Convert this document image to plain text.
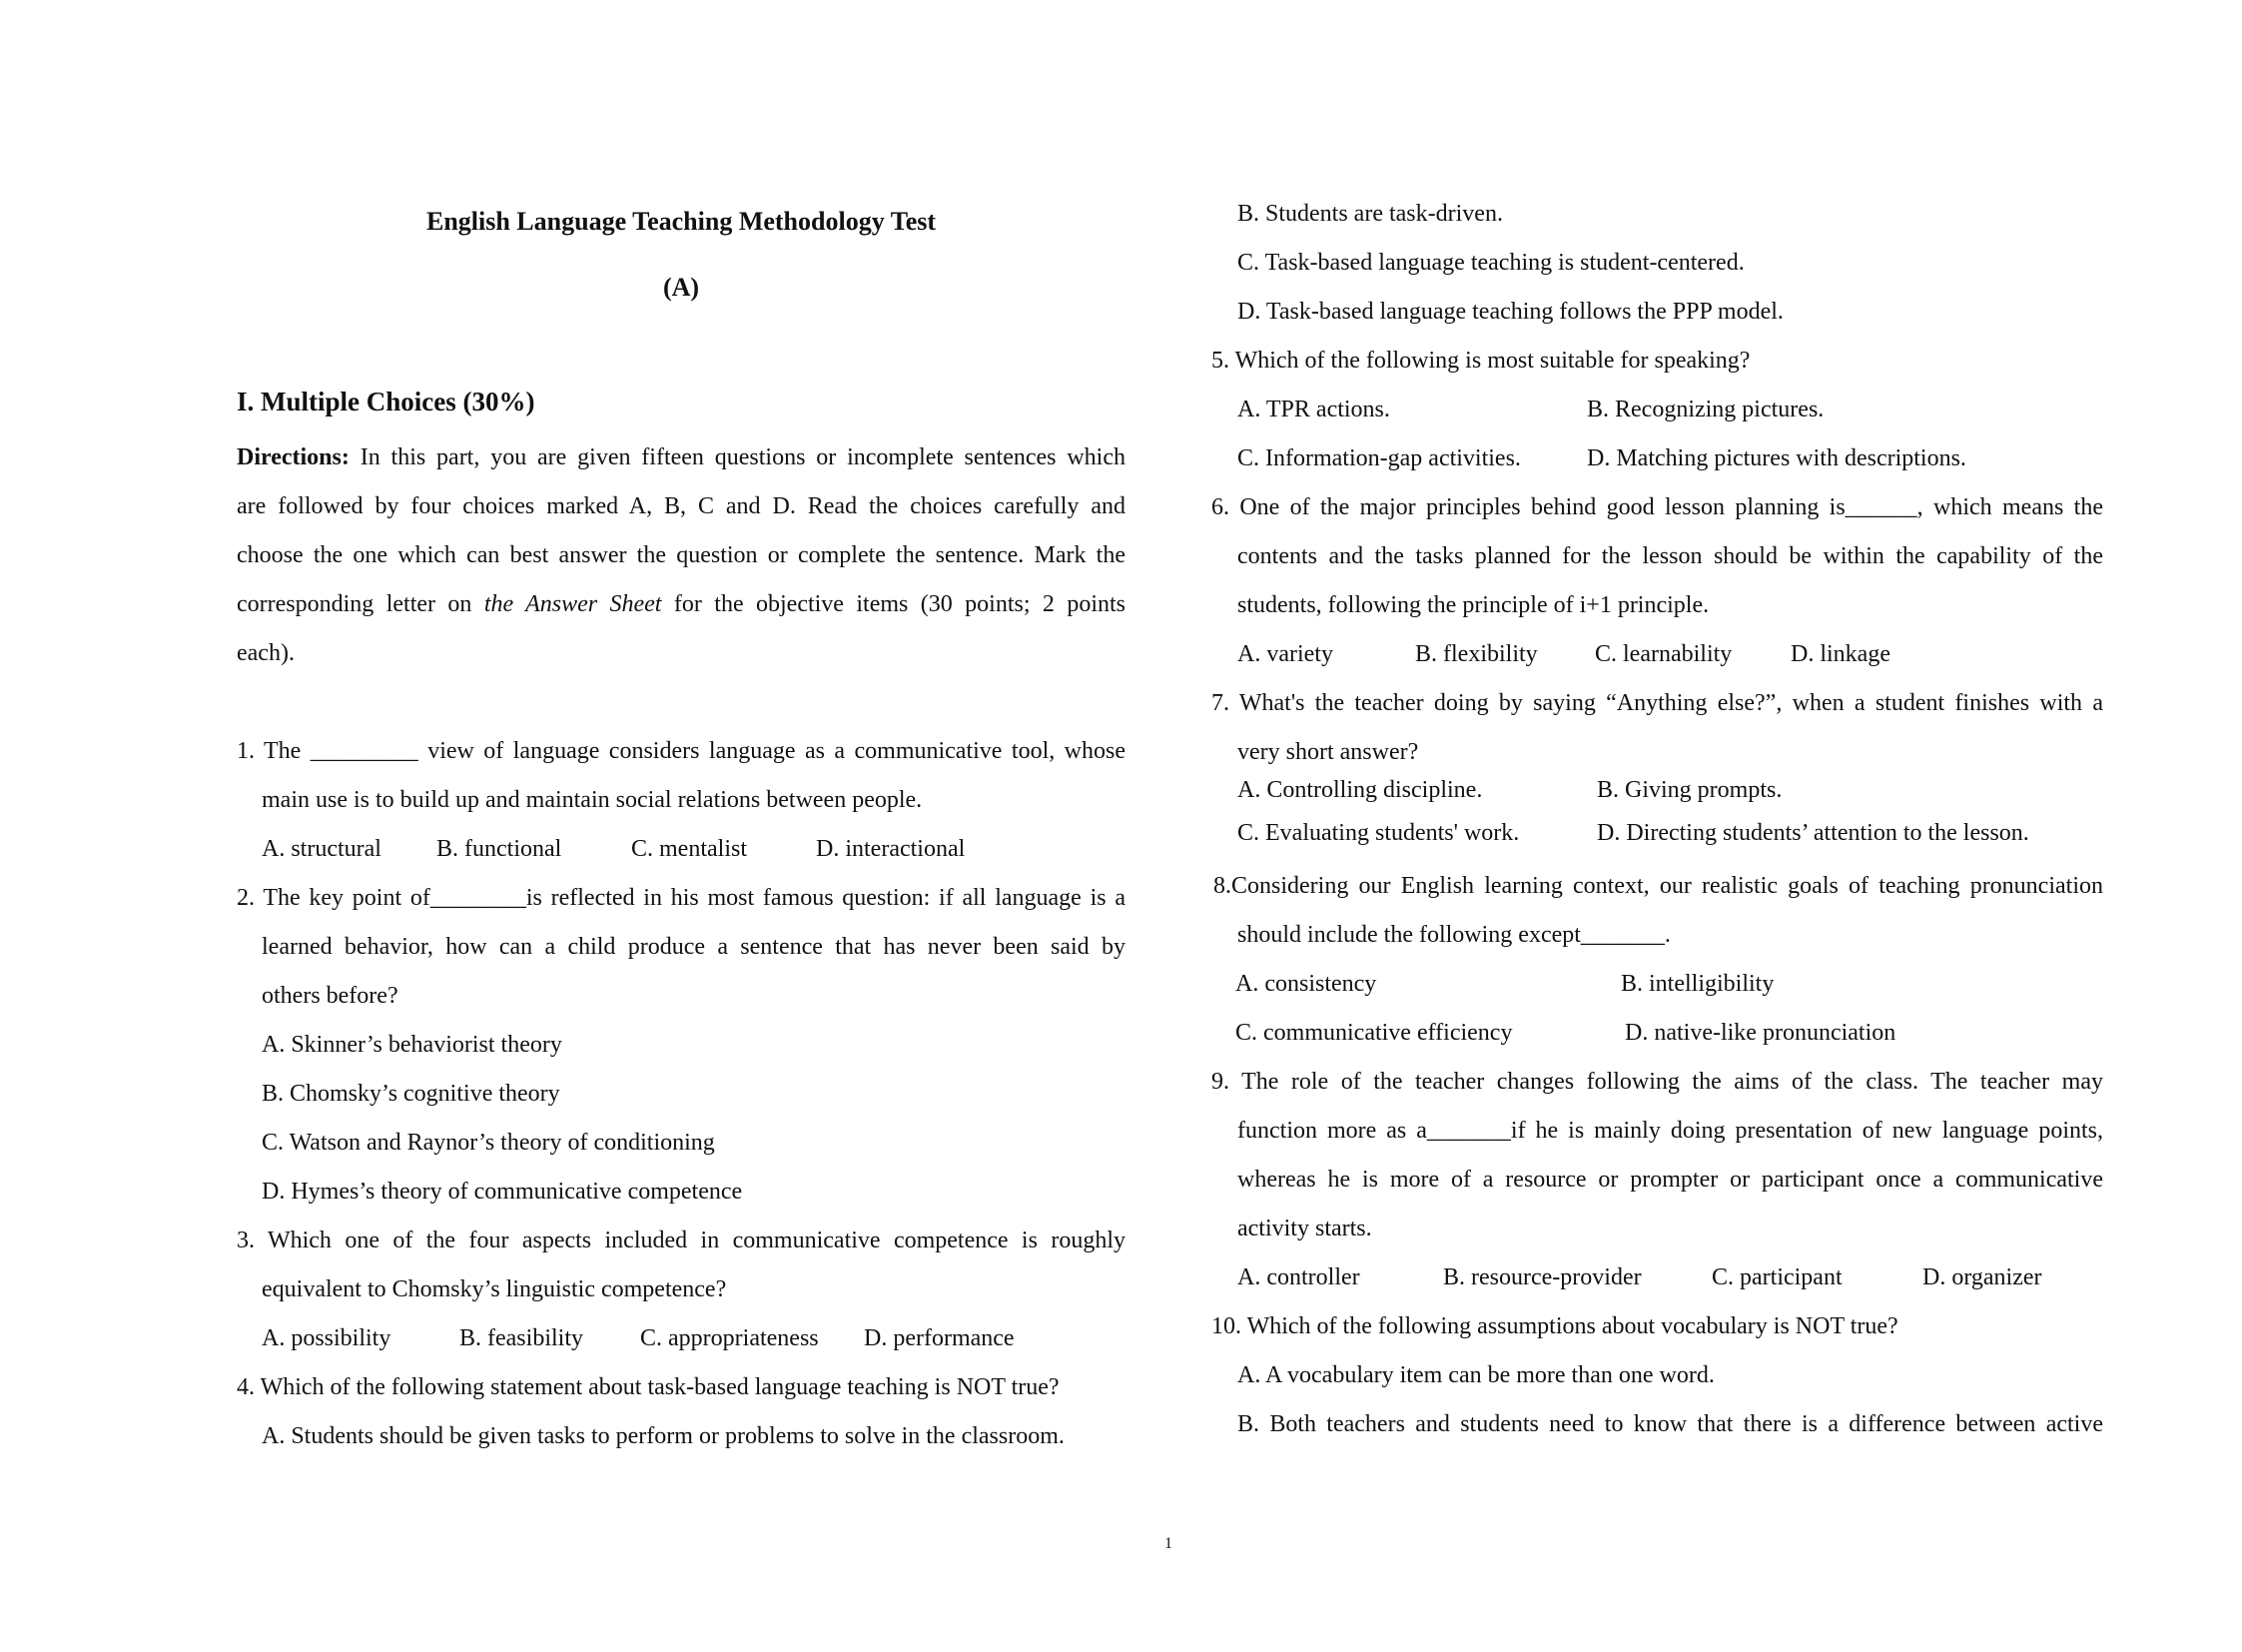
English Language Teaching Methodology Test
(A)
I. Multiple Choices (30%)
Directions: In this part, you are given fifteen questions or incomplete sentences which
are followed by four choices marked A, B, C and D. Read the choices carefully and
choose the one which can best answer the question or complete the sentence. Mark the
corresponding letter on the Answer Sheet for the objective items (30 points; 2 points
each).
1. The _________ view of language considers language as a communicative tool, whose
main use is to build up and maintain social relations between people.
A. structural B. functional	C. mentalist	D. interactional
2. The key point of________is reflected in his most famous question: if all language is a
learned behavior, how can a child produce a sentence that has never been said by
others before?
A. Skinner’s behaviorist theory
B. Chomsky’s cognitive theory
C. Watson and Raynor’s theory of conditioning
D. Hymes’s theory of communicative competence
3. Which one of the four aspects included in communicative competence is roughly
equivalent to Chomsky’s linguistic competence?
A. possibility	B. feasibility C. appropriateness D. performance
4. Which of the following statement about task-based language teaching is NOT true?
A. Students should be given tasks to perform or problems to solve in the classroom.
B. Students are task-driven.
C. Task-based language teaching is student-centered.
D. Task-based language teaching follows the PPP model.
5. Which of the following is most suitable for speaking?
A. TPR actions.	B. Recognizing pictures.
C. Information-gap activities.	D. Matching pictures with descriptions.
6. One of the major principles behind good lesson planning is______, which means the
contents and the tasks planned for the lesson should be within the capability of the
students, following the principle of i+1 principle.
A. variety	B. flexibility C. learnability D. linkage
7. What's the teacher doing by saying “Anything else?”, when a student finishes with a
very short answer?
A. Controlling discipline.	B. Giving prompts.
C. Evaluating students' work.	D. Directing students’ attention to the lesson.
8.Considering our English learning context, our realistic goals of teaching pronunciation
should include the following except_______.
A. consistency	B. intelligibility
C. communicative efficiency	D. native-like pronunciation
9. The role of the teacher changes following the aims of the class. The teacher may
function more as a_______if he is mainly doing presentation of new language points,
whereas he is more of a resource or prompter or participant once a communicative
activity starts.
A. controller	B. resource-provider	C. participant	D. organizer
10. Which of the following assumptions about vocabulary is NOT true?
A. A vocabulary item can be more than one word.
B. Both teachers and students need to know that there is a difference between active
1
